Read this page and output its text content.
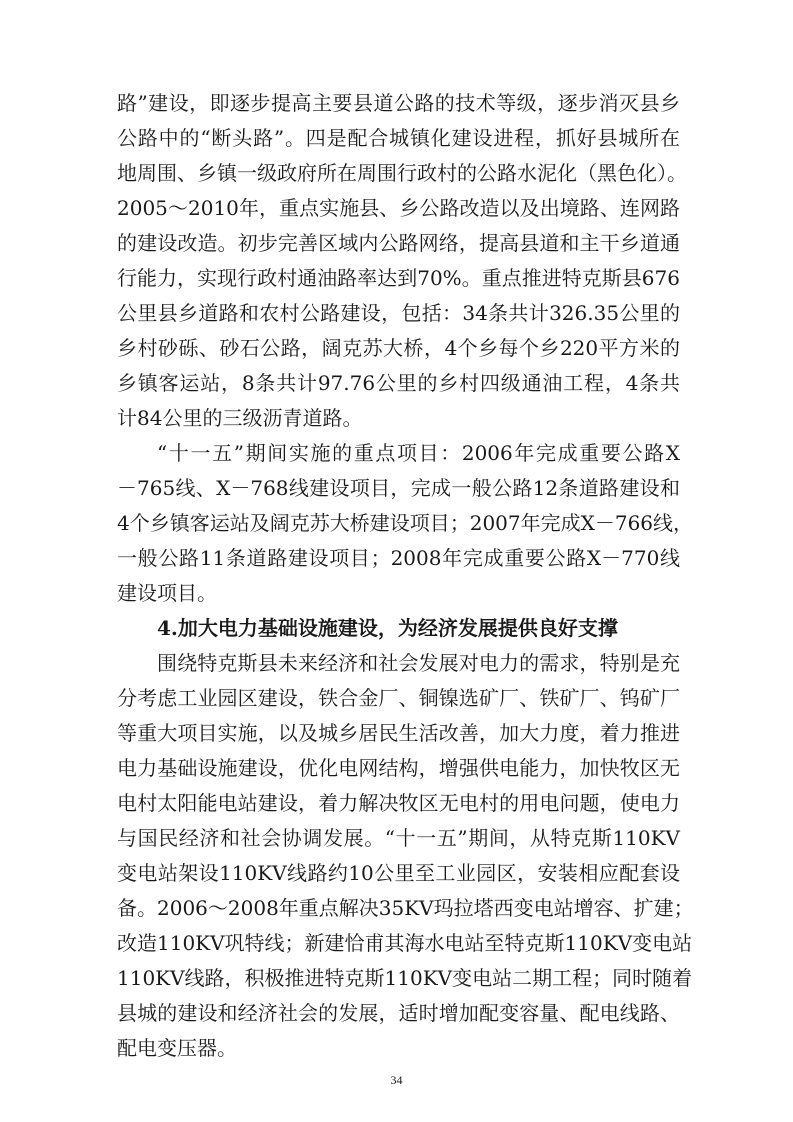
路”建设，即逐步提高主要县道公路的技术等级，逐步消灭县乡
公路中的“断头路”。四是配合城镇化建设进程，抓好县城所在
地周围、乡镇一级政府所在周围行政村的公路水泥化（黑色化）。
2005～2010年，重点实施县、乡公路改造以及出境路、连网路
的建设改造。初步完善区域内公路网络，提高县道和主干乡道通
行能力，实现行政村通油路率达到70%。重点推进特克斯县676
公里县乡道路和农村公路建设，包括：34条共计326.35公里的
乡村砂砾、砂石公路，阔克苏大桥，4个乡每个乡220平方米的
乡镇客运站，8条共计97.76公里的乡村四级通油工程，4条共
计84公里的三级沥青道路。
“十一五”期间实施的重点项目：2006年完成重要公路X
－765线、X－768线建设项目，完成一般公路12条道路建设和
4个乡镇客运站及阔克苏大桥建设项目；2007年完成X－766线，
一般公路11条道路建设项目；2008年完成重要公路X－770线
建设项目。
4.加大电力基础设施建设，为经济发展提供良好支撑
围绕特克斯县未来经济和社会发展对电力的需求，特别是充
分考虑工业园区建设，铁合金厂、铜镍选矿厂、铁矿厂、钨矿厂
等重大项目实施，以及城乡居民生活改善，加大力度，着力推进
电力基础设施建设，优化电网结构，增强供电能力，加快牧区无
电村太阳能电站建设，着力解决牧区无电村的用电问题，使电力
与国民经济和社会协调发展。“十一五”期间，从特克斯110KV
变电站架设110KV线路约10公里至工业园区，安装相应配套设
备。2006～2008年重点解决35KV玛拉塔西变电站增容、扩建；
改造110KV巩特线；新建恰甫其海水电站至特克斯110KV变电站
110KV线路，积极推进特克斯110KV变电站二期工程；同时随着
县城的建设和经济社会的发展，适时增加配变容量、配电线路、
配电变压器。
34
